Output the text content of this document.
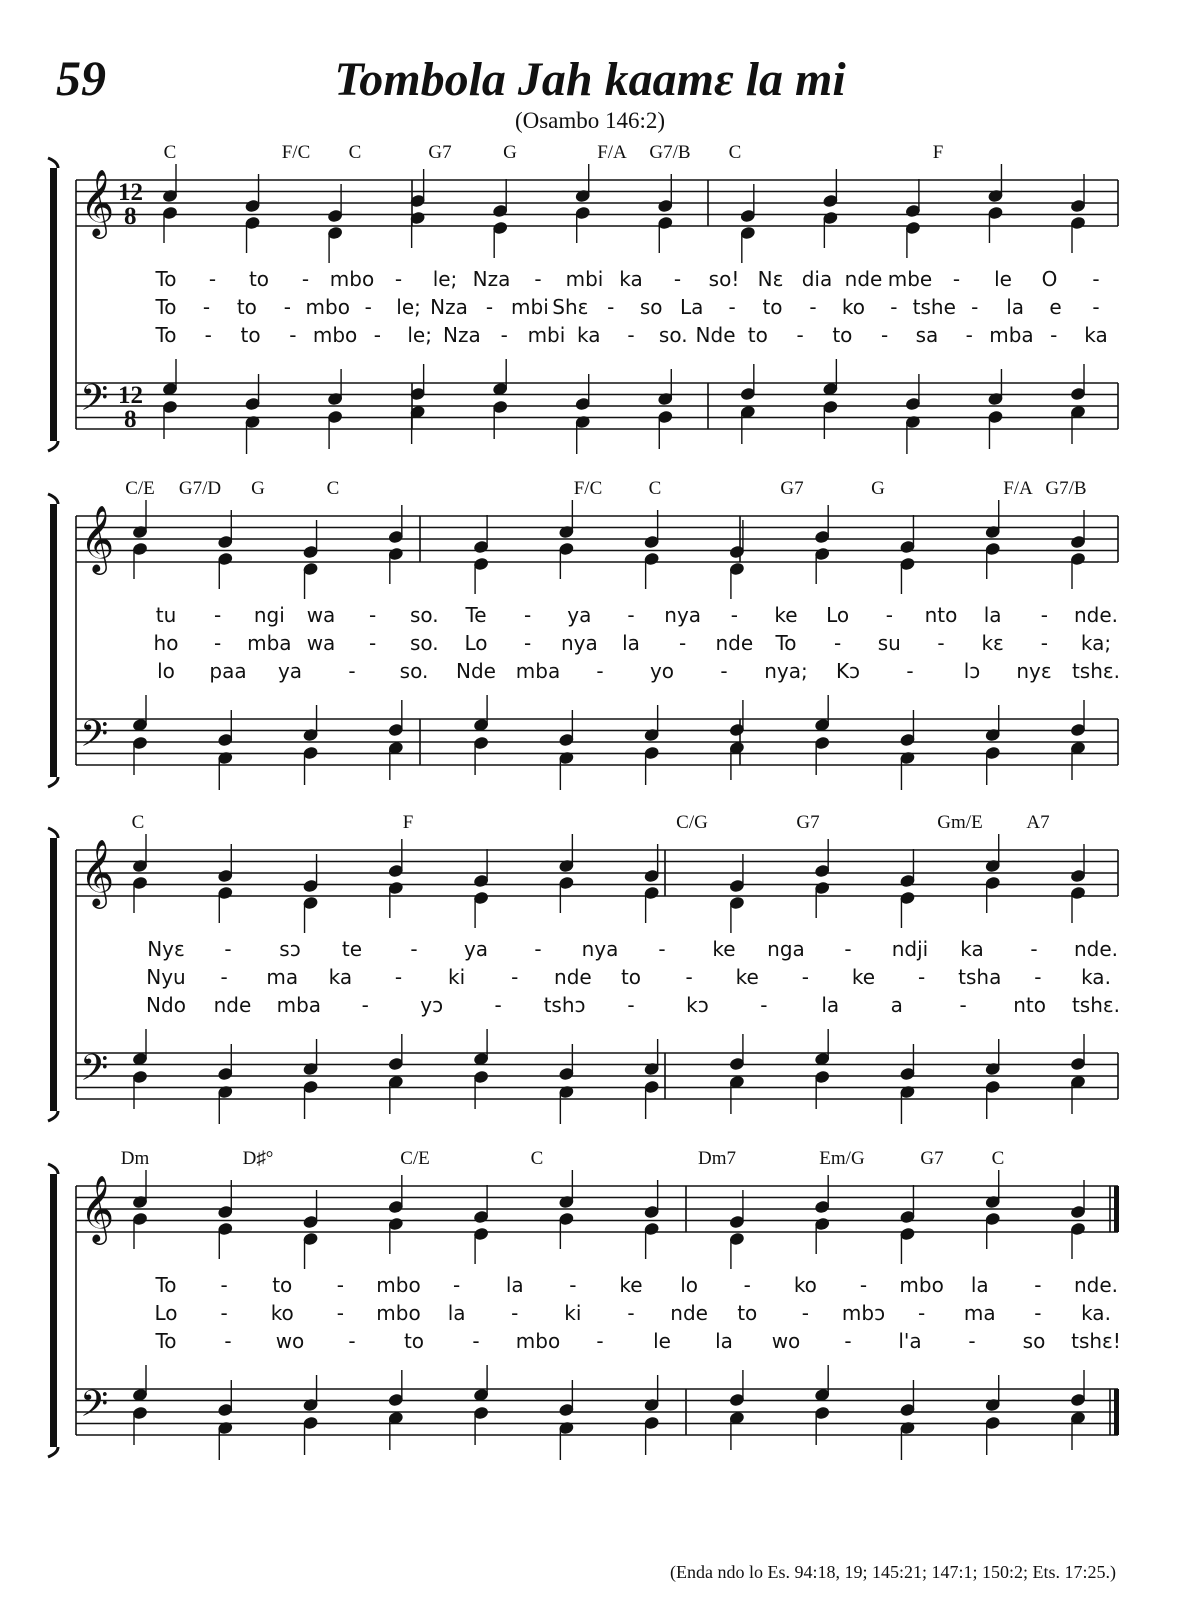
59	Tombola Jah kaamɛ la mi
(Osambo 146:2)
𝄞
𝄢
12
8
12
8
C	F/C C	G7	G	F/A G7/B C	F
To - to - mbo - le; Nza - mbi ka - so! Nɛ dia nde mbe - le O -
To - to - mbo - le; Nza - mbi Shɛ - so La - to - ko - tshe - la e -
To - to - mbo - le; Nza - mbi ka - so. Nde to - to - sa - mba - ka
𝄞
𝄢
C/E G7/D G	C	F/C C	G7	G	F/A G7/B
tu - ngi wa - so. Te - ya - nya - ke Lo - nto la - nde.
ho - mba wa - so. Lo - nya la - nde To - su - kɛ - ka;
lo paa ya - so. Nde mba - yo - nya; Kɔ -	lɔ nyɛ tshɛ.
𝄞
𝄢
C	F	C/G	G7	Gm/E A7
Nyɛ - sɔ te - ya - nya - ke nga - ndji ka - nde.
Nyu - ma ka - ki - nde to - ke - ke - tsha - ka.
Ndo nde mba -	yɔ	- tshɔ -	kɔ	-	la	a	- nto tshɛ.
𝄞
𝄢
Dm	D♯°	C/E	C	Dm7	Em/G	G7	C
To - to - mbo - la - ke lo - ko - mbo la - nde.
Lo - ko - mbo la - ki - nde to - mbɔ - ma - ka.
To - wo - to - mbo - le la wo - l'a - so tshɛ!
(Enda ndo lo Es. 94:18, 19; 145:21; 147:1; 150:2; Ets. 17:25.)
